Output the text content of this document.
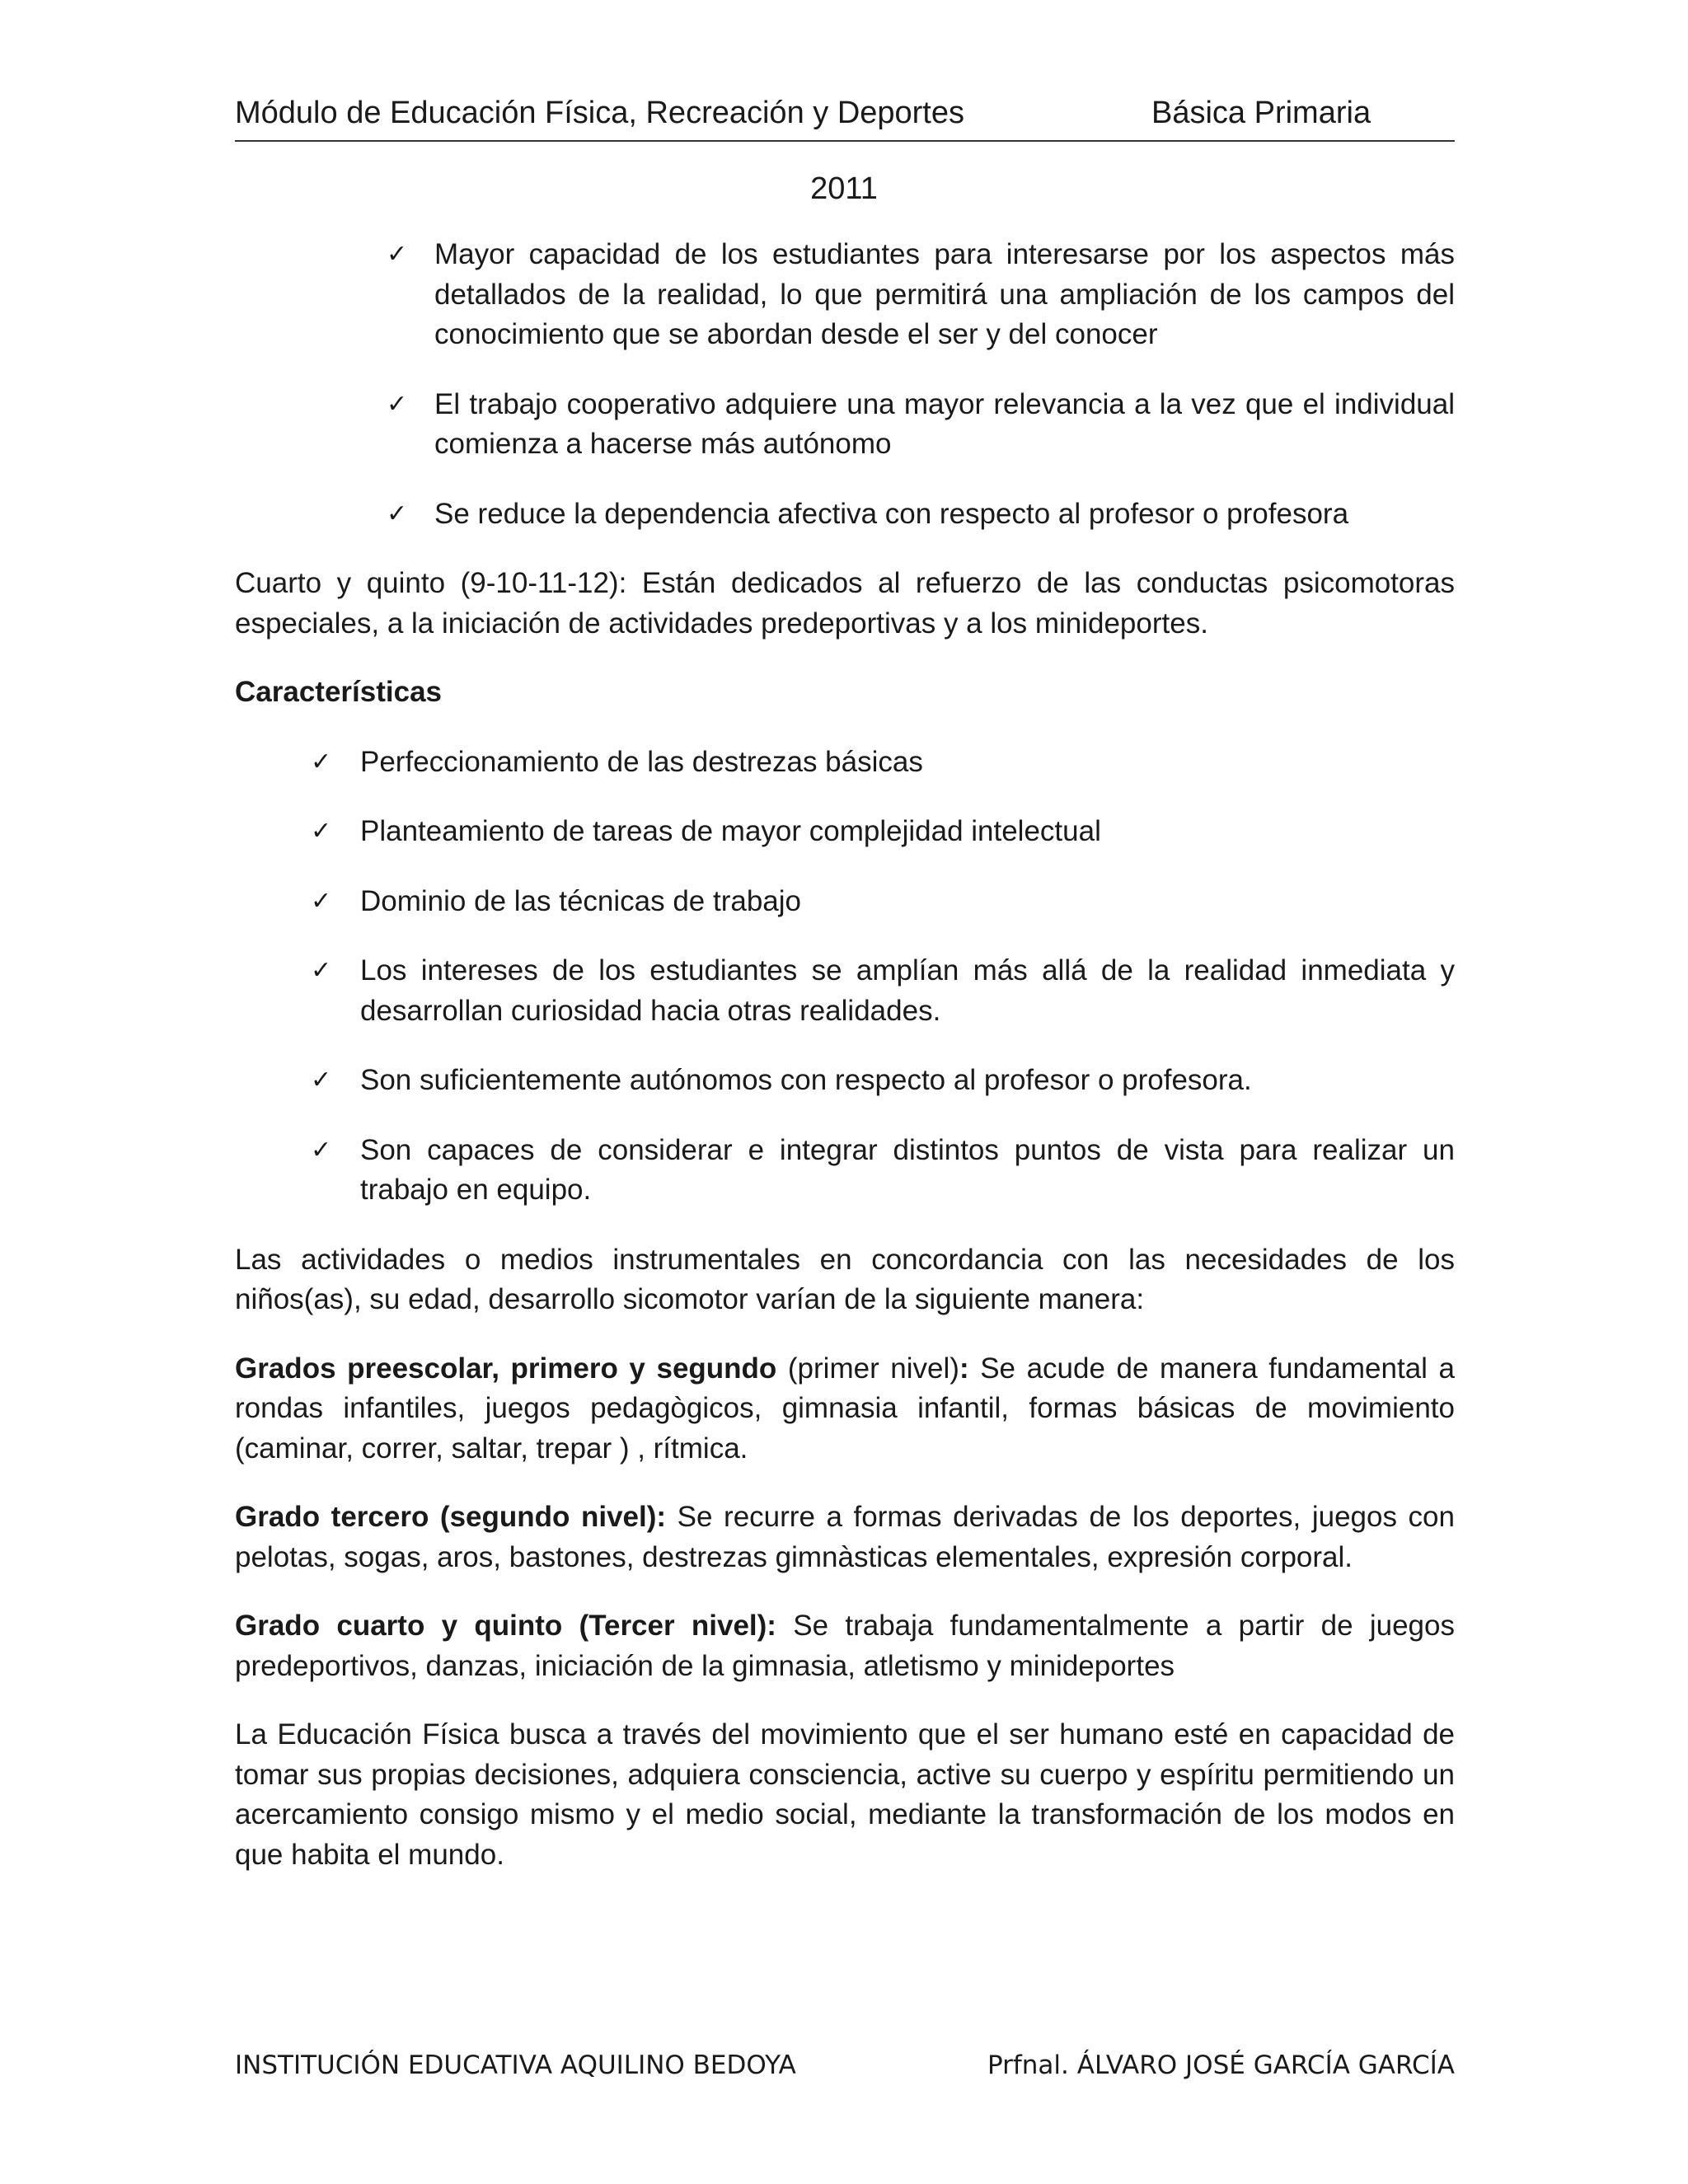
Módulo de Educación Física, Recreación y Deportes	Básica Primaria
2011
✓ Mayor capacidad de los estudiantes para interesarse por los aspectos más detallados de la realidad, lo que permitirá una ampliación de los campos del conocimiento que se abordan desde el ser y del conocer
✓ El trabajo cooperativo adquiere una mayor relevancia a la vez que el individual comienza a hacerse más autónomo
✓ Se reduce la dependencia afectiva con respecto al profesor o profesora

Cuarto y quinto (9-10-11-12): Están dedicados al refuerzo de las conductas psicomotoras especiales, a la iniciación de actividades predeportivas y a los minideportes.

Características

✓ Perfeccionamiento de las destrezas básicas
✓ Planteamiento de tareas de mayor complejidad intelectual
✓ Dominio de las técnicas de trabajo
✓ Los intereses de los estudiantes se amplían más allá de la realidad inmediata y desarrollan curiosidad hacia otras realidades.
✓ Son suficientemente autónomos con respecto al profesor o profesora.
✓ Son capaces de considerar e integrar distintos puntos de vista para realizar un trabajo en equipo.

Las actividades o medios instrumentales en concordancia con las necesidades de los niños(as), su edad, desarrollo sicomotor varían de la siguiente manera:

Grados preescolar, primero y segundo (primer nivel): Se acude de manera fundamental a rondas infantiles, juegos pedagògicos, gimnasia infantil, formas básicas de movimiento (caminar, correr, saltar, trepar ) , rítmica.

Grado tercero (segundo nivel): Se recurre a formas derivadas de los deportes, juegos con pelotas, sogas, aros, bastones, destrezas gimnàsticas elementales, expresión corporal.

Grado cuarto y quinto (Tercer nivel): Se trabaja fundamentalmente a partir de juegos predeportivos, danzas, iniciación de la gimnasia, atletismo y minideportes

La Educación Física busca a través del movimiento que el ser humano esté en capacidad de tomar sus propias decisiones, adquiera consciencia, active su cuerpo y espíritu permitiendo un acercamiento consigo mismo y el medio social, mediante la transformación de los modos en que habita el mundo.

INSTITUCIÓN EDUCATIVA AQUILINO BEDOYA	Prfnal. ÁLVARO JOSÉ GARCÍA GARCÍA
